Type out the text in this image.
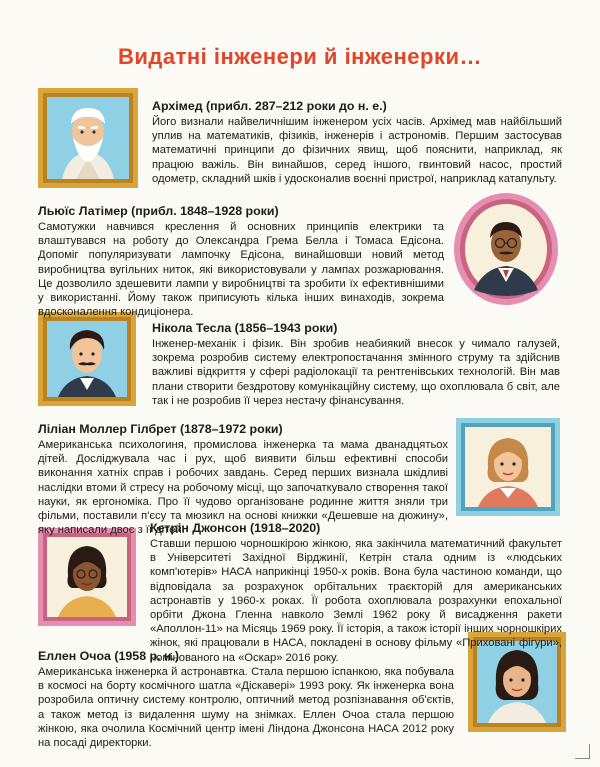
Видатні інженери й інженерки…
Архімед (прибл. 287–212 роки до н. е.)

Його визнали найвеличнішим інженером усіх часів. Архімед мав найбільший уплив на математиків, фізиків, інженерів і астрономів. Першим застосував математичні принципи до фізичних явищ, щоб пояснити, наприклад, як працюю важіль. Він винайшов, серед іншого, гвинтовий насос, простий одометр, складний шків і удосконалив воєнні пристрої, наприклад катапульту.

Льюїс Латімер (прибл. 1848–1928 роки)

Самотужки навчився креслення й основних принципів електрики та влаштувався на роботу до Олександра Грема Белла і Томаса Едісона. Допоміг популяризувати лампочку Едісона, винайшовши новий метод виробництва вугільних ниток, які використовували у лампах розжарювання. Це дозволило здешевити лампи у виробництві та зробити їх ефективнішими у використанні. Йому також приписують кілька інших винаходів, зокрема вдосконалення кондиціонера.

Нікола Тесла (1856–1943 роки)

Інженер-механік і фізик. Він зробив неабиякий внесок у чимало галузей, зокрема розробив систему електропостачання змінного струму та здійснив важливі відкриття у сфері радіолокації та рентгенівських технологій. Він мав плани створити бездротову комунікаційну систему, що охоплювала б світ, але так і не розробив її через нестачу фінансування.

Ліліан Моллер Гілбрет (1878–1972 роки)

Американська психологиня, промислова інженерка та мама дванадцятьох дітей. Досліджувала час і рух, щоб виявити більш ефективні способи виконання хатніх справ і робочих завдань. Серед перших визнала шкідливі наслідки втоми й стресу на робочому місці, що започаткувало створення такої науки, як ергономіка. Про її чудово організоване родинне життя зняли три фільми, поставили п'єсу та мюзикл на основі книжки «Дешевше на дюжину», яку написали двоє з її дітей.

Кетрін Джонсон (1918–2020)

Ставши першою чорношкірою жінкою, яка закінчила математичний факультет в Університеті Західної Вірджинії, Кетрін стала одним із «людських комп'ютерів» НАСА наприкінці 1950-х років. Вона була частиною команди, що відповідала за розрахунок орбітальних траєкторій для американських астронавтів у 1960-х роках. Її робота охоплювала розрахунки епохальної орбіти Джона Гленна навколо Землі 1962 року й висадження ракети «Аполлон-11» на Місяць 1969 року. Її історія, а також історії інших чорношкірих жінок, які працювали в НАСА, покладені в основу фільму «Приховані фігури», номінованого на «Оскар» 2016 року.

Еллен Очоа (1958 р. н.)

Американська інженерка й астронавтка. Стала першою іспанкою, яка побувала в космосі на борту космічного шатла «Діскавері» 1993 року. Як інженерка вона розробила оптичну систему контролю, оптичний метод розпізнавання об'єктів, а також метод із видалення шуму на знімках. Еллен Очоа стала першою жінкою, яка очолила Космічний центр імені Ліндона Джонсона НАСА 2012 року на посаді директорки.
